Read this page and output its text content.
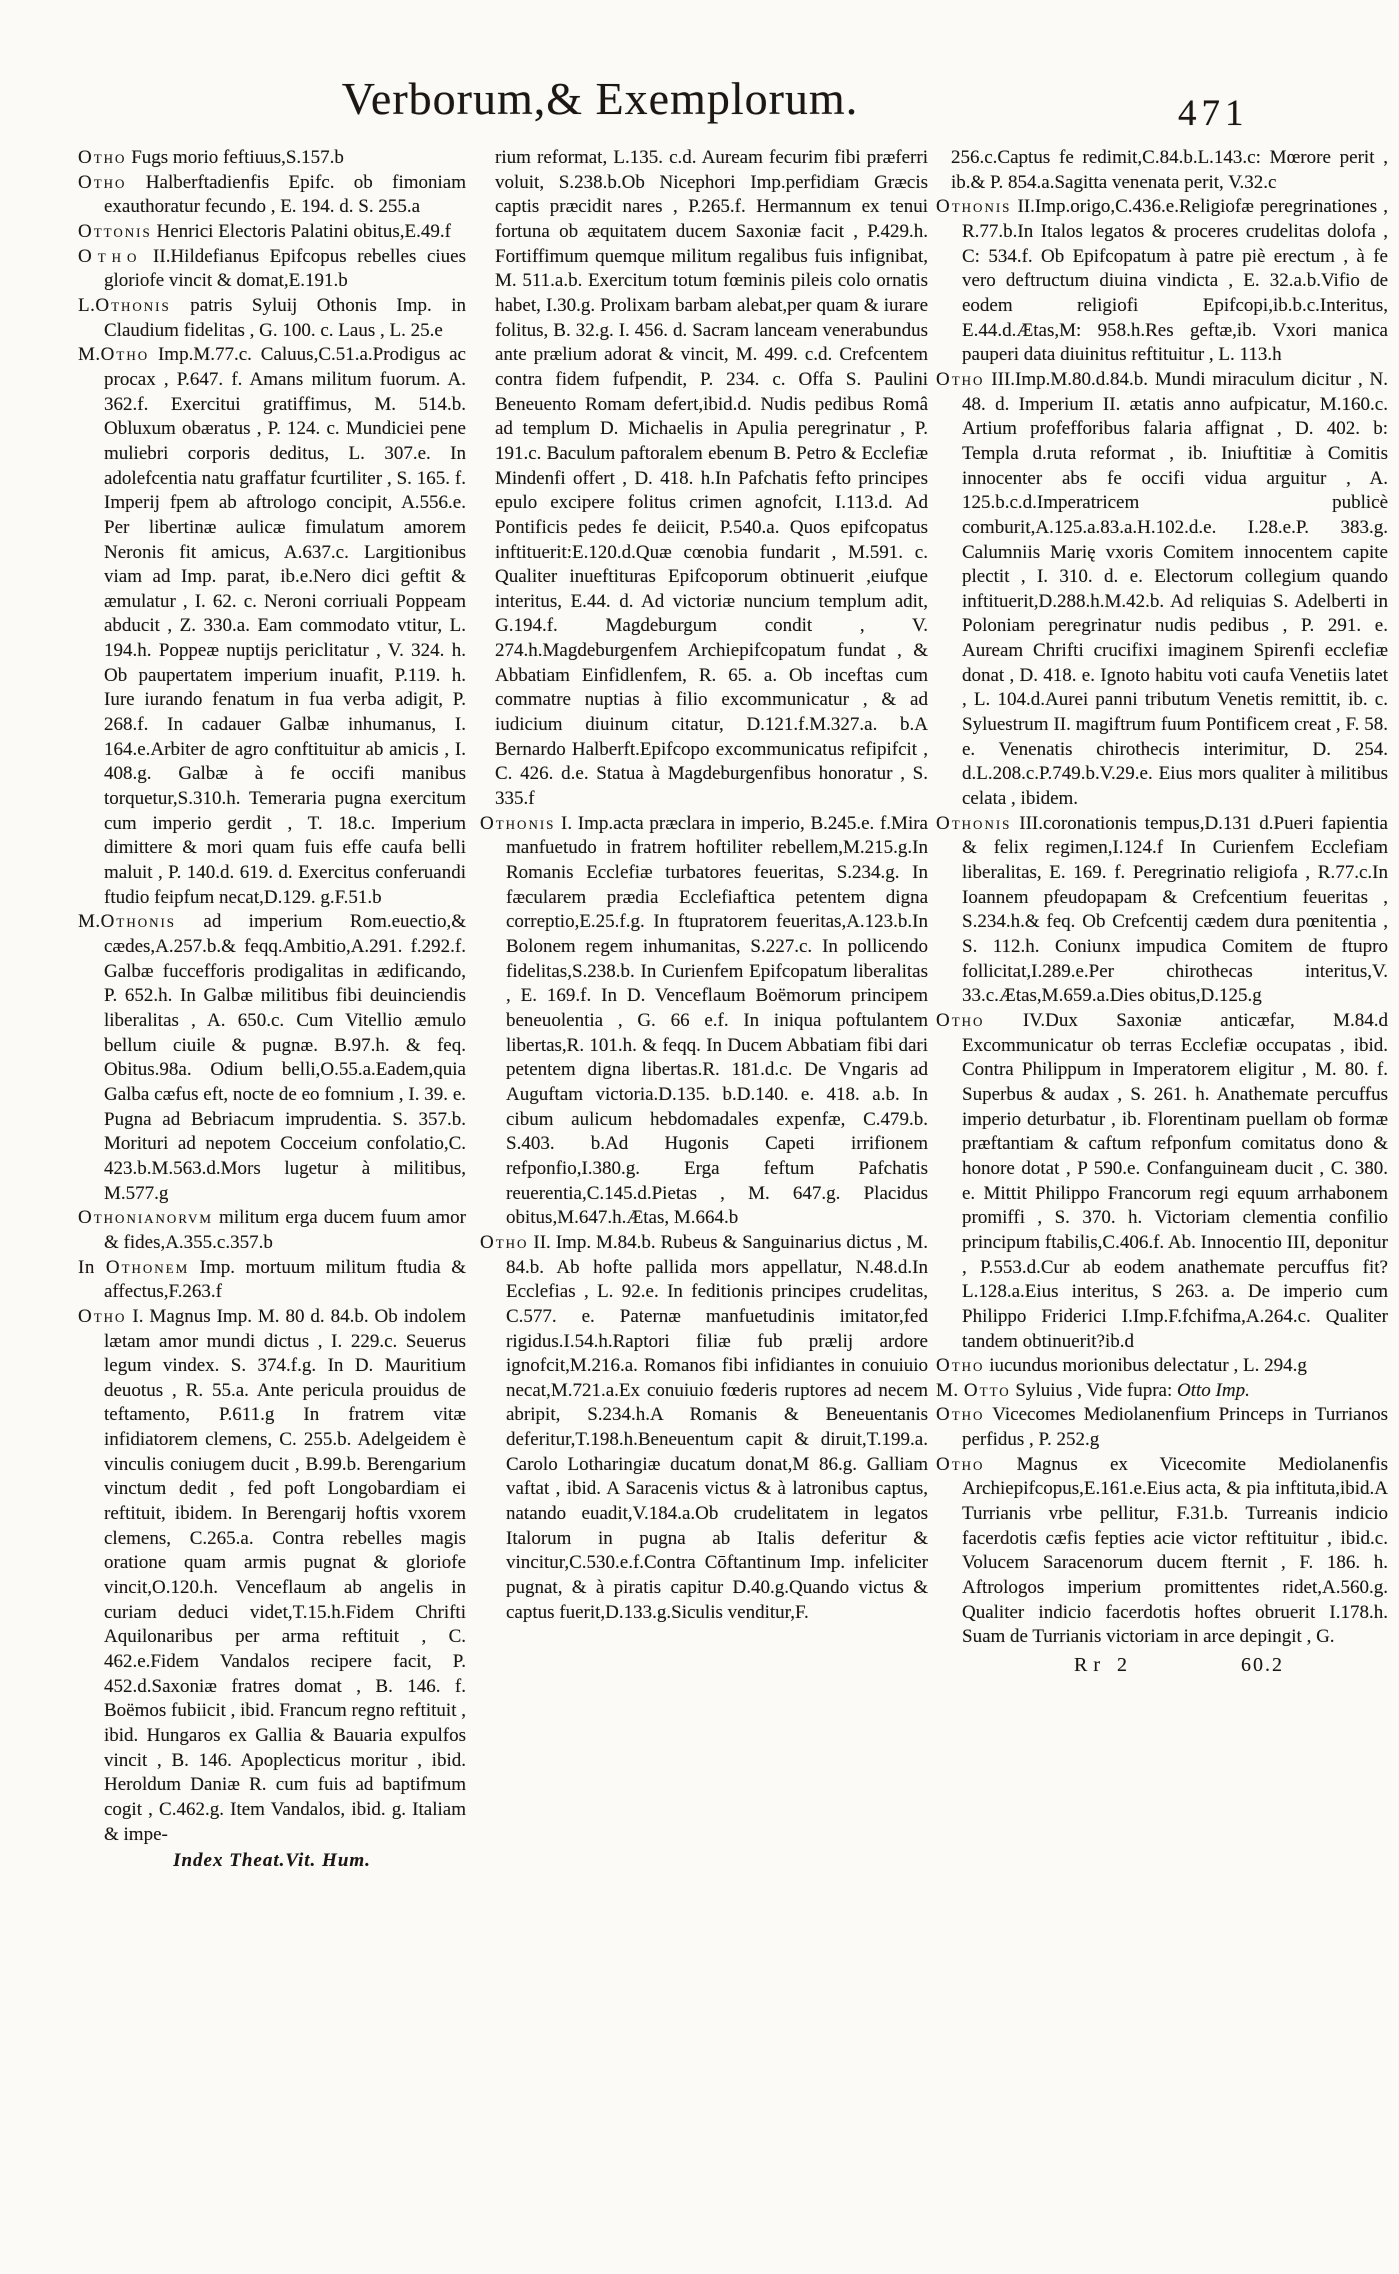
Verborum,& Exemplorum.	471

Otho Fugs morio feftiuus,S.157.b

Otho Halberftadienfis Epifc. ob fimoniam exauthoratur fecundo , E. 194. d. S. 255.a

Ottonis Henrici Electoris Palatini obitus,E.49.f

Otho II.Hildefianus Epifcopus rebelles ciues gloriofe vincit & domat,E.191.b

L.Othonis patris Syluij Othonis Imp. in Claudium fidelitas , G. 100. c. Laus , L. 25.e

M.Otho Imp.M.77.c. Caluus,C.51.a.Prodigus ac procax , P.647. f. Amans militum fuorum. A. 362.f. Exercitui gratiffimus, M. 514.b. Obluxum obæratus , P. 124. c. Mundiciei pene muliebri corporis deditus, L. 307.e. In adolefcentia natu graffatur fcurtiliter , S. 165. f. Imperij fpem ab aftrologo concipit, A.556.e. Per libertinæ aulicæ fimulatum amorem Neronis fit amicus, A.637.c. Largitionibus viam ad Imp. parat, ib.e.Nero dici geftit & æmulatur , I. 62. c. Neroni corriuali Poppeam abducit , Z. 330.a. Eam commodato vtitur, L. 194.h. Poppeæ nuptijs periclitatur , V. 324. h. Ob paupertatem imperium inuafit, P.119. h. Iure iurando fenatum in fua verba adigit, P. 268.f. In cadauer Galbæ inhumanus, I. 164.e.Arbiter de agro conftituitur ab amicis , I. 408.g. Galbæ à fe occifi manibus torquetur,S.310.h. Temeraria pugna exercitum cum imperio gerdit , T. 18.c. Imperium dimittere & mori quam fuis effe caufa belli maluit , P. 140.d. 619. d. Exercitus conferuandi ftudio feipfum necat,D.129. g.F.51.b

M.Othonis ad imperium Rom.euectio,& cædes,A.257.b.& feqq.Ambitio,A.291. f.292.f. Galbæ fuccefforis prodigalitas in ædificando, P. 652.h. In Galbæ militibus fibi deuinciendis liberalitas , A. 650.c. Cum Vitellio æmulo bellum ciuile & pugnæ. B.97.h. & feq. Obitus.98a. Odium belli,O.55.a.Eadem,quia Galba cæfus eft, nocte de eo fomnium , I. 39. e. Pugna ad Bebriacum imprudentia. S. 357.b. Morituri ad nepotem Cocceium confolatio,C. 423.b.M.563.d.Mors lugetur à militibus, M.577.g

Othonianorvm militum erga ducem fuum amor & fides,A.355.c.357.b

In Othonem Imp. mortuum militum ftudia & affectus,F.263.f

Otho I. Magnus Imp. M. 80 d. 84.b. Ob indolem lætam amor mundi dictus , I. 229.c. Seuerus legum vindex. S. 374.f.g. In D. Mauritium deuotus , R. 55.a. Ante pericula prouidus de teftamento, P.611.g In fratrem vitæ infidiatorem clemens, C. 255.b. Adelgeidem è vinculis coniugem ducit , B.99.b. Berengarium vinctum dedit , fed poft Longobardiam ei reftituit, ibidem. In Berengarij hoftis vxorem clemens, C.265.a. Contra rebelles magis oratione quam armis pugnat & gloriofe vincit,O.120.h. Venceflaum ab angelis in curiam deduci videt,T.15.h.Fidem Chrifti Aquilonaribus per arma reftituit , C. 462.e.Fidem Vandalos recipere facit, P. 452.d.Saxoniæ fratres domat , B. 146. f. Boëmos fubiicit , ibid. Francum regno reftituit , ibid. Hungaros ex Gallia & Bauaria expulfos vincit , B. 146. Apoplecticus moritur , ibid. Heroldum Daniæ R. cum fuis ad baptifmum cogit , C.462.g. Item Vandalos, ibid. g. Italiam & impe-

Index Theat.Vit. Hum.

rium reformat, L.135. c.d. Auream fecurim fibi præferri voluit, S.238.b.Ob Nicephori Imp.perfidiam Græcis captis præcidit nares , P.265.f. Hermannum ex tenui fortuna ob æquitatem ducem Saxoniæ facit , P.429.h. Fortiffimum quemque militum regalibus fuis infignibat, M. 511.a.b. Exercitum totum fœminis pileis colo ornatis habet, I.30.g. Prolixam barbam alebat,per quam & iurare folitus, B. 32.g. I. 456. d. Sacram lanceam venerabundus ante prælium adorat & vincit, M. 499. c.d. Crefcentem contra fidem fufpendit, P. 234. c. Offa S. Paulini Beneuento Romam defert,ibid.d. Nudis pedibus Româ ad templum D. Michaelis in Apulia peregrinatur , P. 191.c. Baculum paftoralem ebenum B. Petro & Ecclefiæ Mindenfi offert , D. 418. h.In Pafchatis fefto principes epulo excipere folitus crimen agnofcit, I.113.d. Ad Pontificis pedes fe deiicit, P.540.a. Quos epifcopatus inftituerit:E.120.d.Quæ cœnobia fundarit , M.591. c. Qualiter inueftituras Epifcoporum obtinuerit ,eiufque interitus, E.44. d. Ad victoriæ nuncium templum adit, G.194.f. Magdeburgum condit , V. 274.h.Magdeburgenfem Archiepifcopatum fundat , & Abbatiam Einfidlenfem, R. 65. a. Ob inceftas cum commatre nuptias à filio excommunicatur , & ad iudicium diuinum citatur, D.121.f.M.327.a. b.A Bernardo Halberft.Epifcopo excommunicatus refipifcit , C. 426. d.e. Statua à Magdeburgenfibus honoratur , S. 335.f

Othonis I. Imp.acta præclara in imperio, B.245.e. f.Mira manfuetudo in fratrem hoftiliter rebellem,M.215.g.In Romanis Ecclefiæ turbatores feueritas, S.234.g. In fæcularem prædia Ecclefiaftica petentem digna correptio,E.25.f.g. In ftupratorem feueritas,A.123.b.In Bolonem regem inhumanitas, S.227.c. In pollicendo fidelitas,S.238.b. In Curienfem Epifcopatum liberalitas , E. 169.f. In D. Venceflaum Boëmorum principem beneuolentia , G. 66 e.f. In iniqua poftulantem libertas,R. 101.h. & feqq. In Ducem Abbatiam fibi dari petentem digna libertas.R. 181.d.c. De Vngaris ad Auguftam victoria.D.135. b.D.140. e. 418. a.b. In cibum aulicum hebdomadales expenfæ, C.479.b. S.403. b.Ad Hugonis Capeti irrifionem refponfio,I.380.g. Erga feftum Pafchatis reuerentia,C.145.d.Pietas , M. 647.g. Placidus obitus,M.647.h.Ætas, M.664.b

Otho II. Imp. M.84.b. Rubeus & Sanguinarius dictus , M. 84.b. Ab hofte pallida mors appellatur, N.48.d.In Ecclefias , L. 92.e. In feditionis principes crudelitas, C.577. e. Paternæ manfuetudinis imitator,fed rigidus.I.54.h.Raptori filiæ fub prælij ardore ignofcit,M.216.a. Romanos fibi infidiantes in conuiuio necat,M.721.a.Ex conuiuio fœderis ruptores ad necem abripit, S.234.h.A Romanis & Beneuentanis deferitur,T.198.h.Beneuentum capit & diruit,T.199.a. Carolo Lotharingiæ ducatum donat,M 86.g. Galliam vaftat , ibid. A Saracenis victus & à latronibus captus, natando euadit,V.184.a.Ob crudelitatem in legatos Italorum in pugna ab Italis deferitur & vincitur,C.530.e.f.Contra Cōftantinum Imp. infeliciter pugnat, & à piratis capitur D.40.g.Quando victus & captus fuerit,D.133.g.Siculis venditur,F.

256.c.Captus fe redimit,C.84.b.L.143.c: Mœrore perit , ib.& P. 854.a.Sagitta venenata perit, V.32.c

Othonis II.Imp.origo,C.436.e.Religiofæ peregrinationes , R.77.b.In Italos legatos & proceres crudelitas dolofa , C: 534.f. Ob Epifcopatum à patre piè erectum , à fe vero deftructum diuina vindicta , E. 32.a.b.Vifio de eodem religiofi Epifcopi,ib.b.c.Interitus, E.44.d.Ætas,M: 958.h.Res geftæ,ib. Vxori manica pauperi data diuinitus reftituitur , L. 113.h

Otho III.Imp.M.80.d.84.b. Mundi miraculum dicitur , N. 48. d. Imperium II. ætatis anno aufpicatur, M.160.c. Artium profefforibus falaria affignat , D. 402. b: Templa d.ruta reformat , ib. Iniuftitiæ à Comitis innocenter abs fe occifi vidua arguitur , A. 125.b.c.d.Imperatricem publicè comburit,A.125.a.83.a.H.102.d.e. I.28.e.P. 383.g. Calumniis Marię vxoris Comitem innocentem capite plectit , I. 310. d. e. Electorum collegium quando inftituerit,D.288.h.M.42.b. Ad reliquias S. Adelberti in Poloniam peregrinatur nudis pedibus , P. 291. e. Auream Chrifti crucifixi imaginem Spirenfi ecclefiæ donat , D. 418. e. Ignoto habitu voti caufa Venetiis latet , L. 104.d.Aurei panni tributum Venetis remittit, ib. c. Syluestrum II. magiftrum fuum Pontificem creat , F. 58. e. Venenatis chirothecis interimitur, D. 254. d.L.208.c.P.749.b.V.29.e. Eius mors qualiter à militibus celata , ibidem.

Othonis III.coronationis tempus,D.131 d.Pueri fapientia & felix regimen,I.124.f In Curienfem Ecclefiam liberalitas, E. 169. f. Peregrinatio religiofa , R.77.c.In Ioannem pfeudopapam & Crefcentium feueritas , S.234.h.& feq. Ob Crefcentij cædem dura pœnitentia , S. 112.h. Coniunx impudica Comitem de ftupro follicitat,I.289.e.Per chirothecas interitus,V. 33.c.Ætas,M.659.a.Dies obitus,D.125.g

Otho IV.Dux Saxoniæ anticæfar, M.84.d Excommunicatur ob terras Ecclefiæ occupatas , ibid. Contra Philippum in Imperatorem eligitur , M. 80. f. Superbus & audax , S. 261. h. Anathemate percuffus imperio deturbatur , ib. Florentinam puellam ob formæ præftantiam & caftum refponfum comitatus dono & honore dotat , P 590.e. Confanguineam ducit , C. 380. e. Mittit Philippo Francorum regi equum arrhabonem promiffi , S. 370. h. Victoriam clementia confilio principum ftabilis,C.406.f. Ab. Innocentio III, deponitur , P.553.d.Cur ab eodem anathemate percuffus fit?L.128.a.Eius interitus, S 263. a. De imperio cum Philippo Friderici I.Imp.F.fchifma,A.264.c. Qualiter tandem obtinuerit?ib.d

Otho iucundus morionibus delectatur , L. 294.g

M. Otto Syluius , Vide fupra: Otto Imp.

Otho Vicecomes Mediolanenfium Princeps in Turrianos perfidus , P. 252.g

Otho Magnus ex Vicecomite Mediolanenfis Archiepifcopus,E.161.e.Eius acta, & pia inftituta,ibid.A Turrianis vrbe pellitur, F.31.b. Turreanis indicio facerdotis cæfis fepties acie victor reftituitur , ibid.c. Volucem Saracenorum ducem fternit , F. 186. h. Aftrologos imperium promittentes ridet,A.560.g. Qualiter indicio facerdotis hoftes obruerit I.178.h. Suam de Turrianis victoriam in arce depingit , G.

Rr 2	60.2
